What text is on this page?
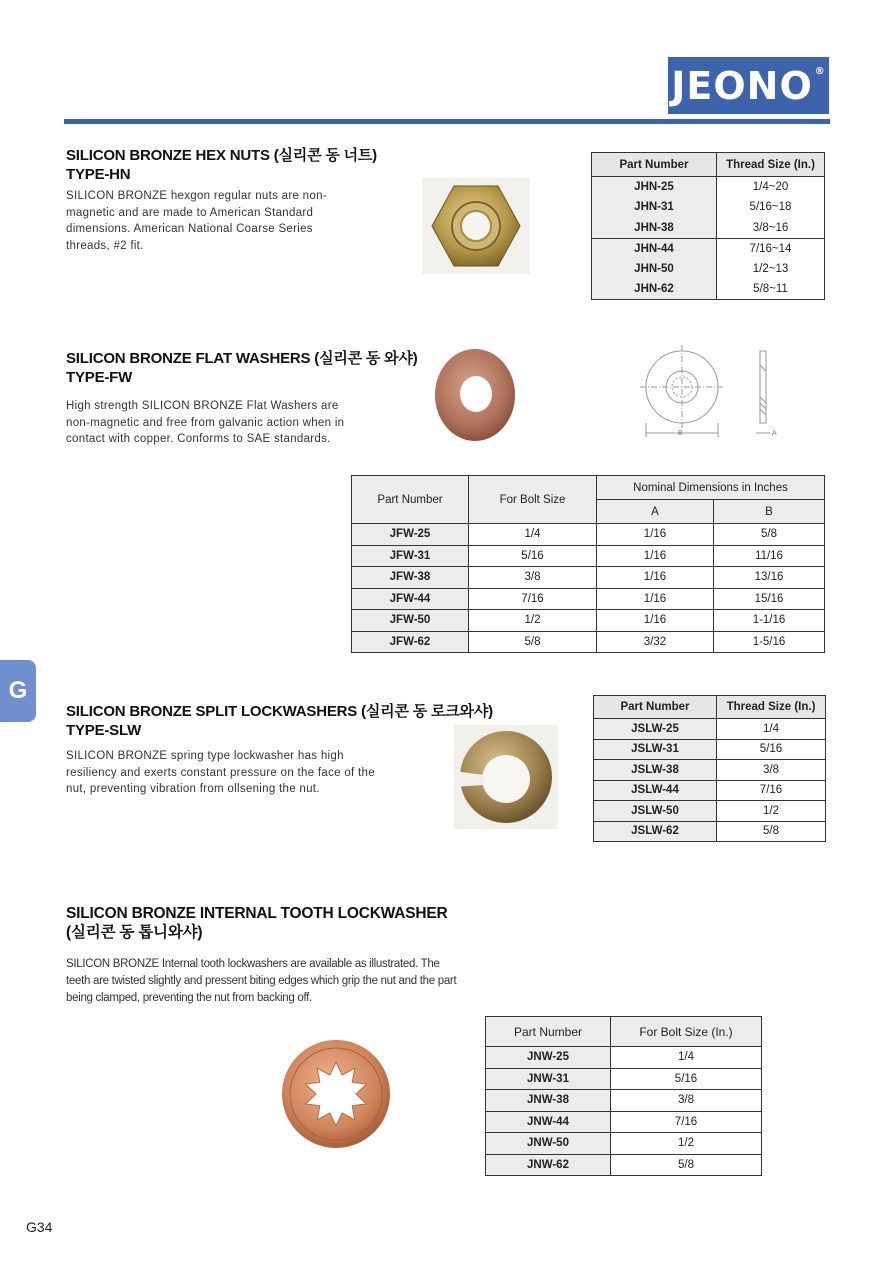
JEONO®
G
SILICON BRONZE HEX NUTS (실리콘 동 너트)
TYPE-HN
SILICON BRONZE hexgon regular nuts are non-magnetic and are made to American Standard dimensions. American National Coarse Series threads, #2 fit.
Part Number	Thread Size (In.)
JHN-25	1/4~20
JHN-31	5/16~18
JHN-38	3/8~16
JHN-44	7/16~14
JHN-50	1/2~13
JHN-62	5/8~11
SILICON BRONZE FLAT WASHERS (실리콘 동 와샤)
TYPE-FW
High strength SILICON BRONZE Flat Washers are non-magnetic and free from galvanic action when in contact with copper. Conforms to SAE standards.	B	A
Part Number	For Bolt Size	Nominal Dimensions in Inches	
		A	B
JFW-25	1/4	1/16	5/8
JFW-31	5/16	1/16	11/16
JFW-38	3/8	1/16	13/16
JFW-44	7/16	1/16	15/16
JFW-50	1/2	1/16	1-1/16
JFW-62	5/8	3/32	1-5/16
SILICON BRONZE SPLIT LOCKWASHERS (실리콘 동 로크와샤)
TYPE-SLW
SILICON BRONZE spring type lockwasher has high resiliency and exerts constant pressure on the face of the nut, preventing vibration from ollsening the nut.
Part Number	Thread Size (In.)
JSLW-25	1/4
JSLW-31	5/16
JSLW-38	3/8
JSLW-44	7/16
JSLW-50	1/2
JSLW-62	5/8
SILICON BRONZE INTERNAL TOOTH LOCKWASHER
(실리콘 동 톱니와샤)
SILICON BRONZE Internal tooth lockwashers are available as illustrated. The teeth are twisted slightly and pressent biting edges which grip the nut and the part being clamped, preventing the nut from backing off.
Part Number	For Bolt Size (In.)
JNW-25	1/4
JNW-31	5/16
JNW-38	3/8
JNW-44	7/16
JNW-50	1/2
JNW-62	5/8
G34
